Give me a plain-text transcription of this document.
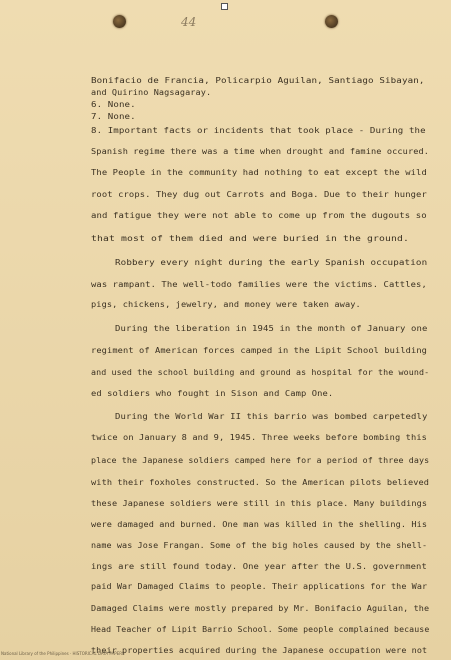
44
Bonifacio de Francia, Policarpio Aguilan, Santiago Sibayan,
and Quirino Nagsagaray.
6. None.
7. None.
8. Important facts or incidents that took place - During the
Spanish regime there was a time when drought and famine occured.
The People in the community had nothing to eat except the wild
root crops. They dug out Carrots and Boga. Due to their hunger
and fatigue they were not able to come up from the dugouts so
that most of them died and were buried in the ground.
Robbery every night during the early Spanish occupation
was rampant. The well-todo families were the victims. Cattles,
pigs, chickens, jewelry, and money were taken away.
During the liberation in 1945 in the month of January one
regiment of American forces camped in the Lipit School building
and used the school building and ground as hospital for the wound-
ed soldiers who fought in Sison and Camp One.
During the World War II this barrio was bombed carpetedly
twice on January 8 and 9, 1945. Three weeks before bombing this
place the Japanese soldiers camped here for a period of three days
with their foxholes constructed. So the American pilots believed
these Japanese soldiers were still in this place. Many buildings
were damaged and burned. One man was killed in the shelling. His
name was Jose Frangan. Some of the big holes caused by the shell-
ings are still found today. One year after the U.S. government
paid War Damaged Claims to people. Their applications for the War
Damaged Claims were mostly prepared by Mr. Bonifacio Aguilan, the
Head Teacher of Lipit Barrio School. Some people complained because
their properties acquired during the Japanese occupation were not
National Library of the Philippines · HISTORICAL DATA PAPERS
